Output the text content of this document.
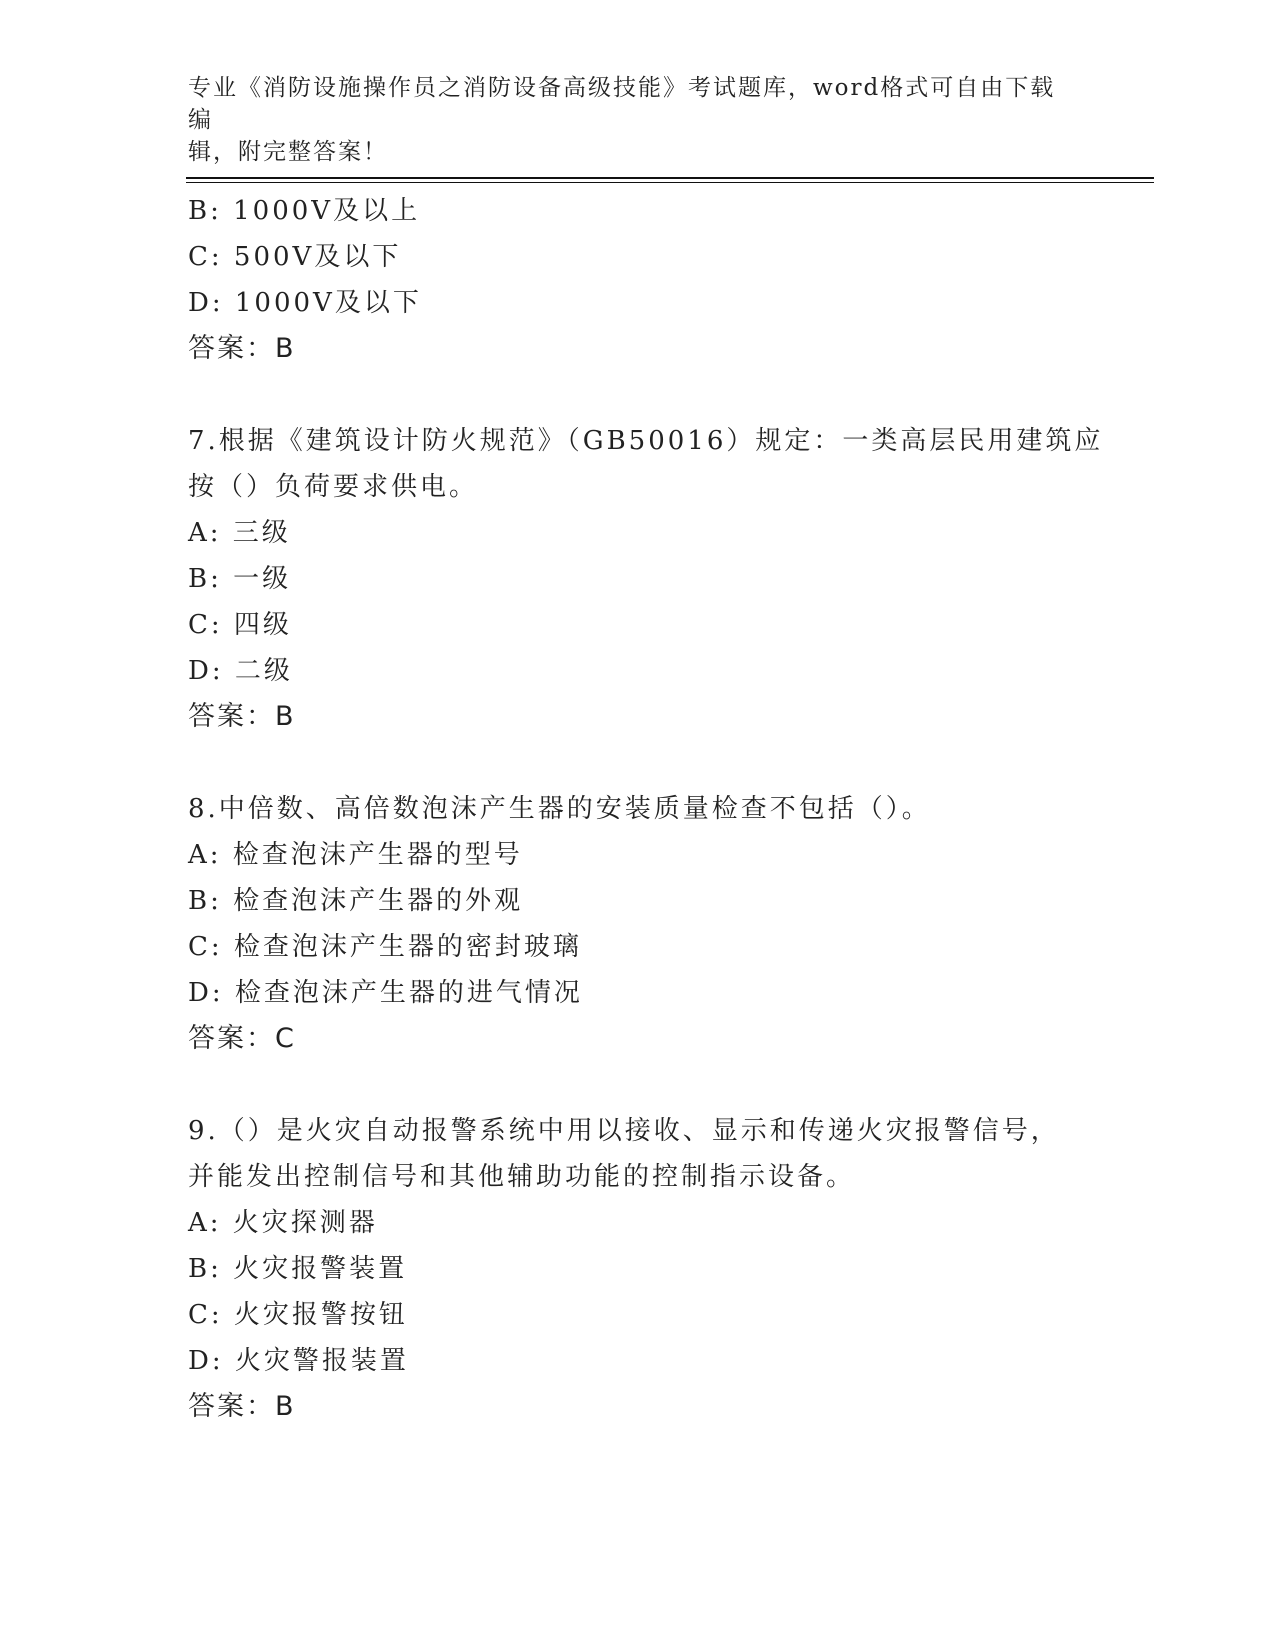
专业《消防设施操作员之消防设备高级技能》考试题库，word格式可自由下载编
辑，附完整答案！
B: 1000V及以上
C: 500V及以下
D: 1000V及以下
答案：B
7.根据《建筑设计防火规范》（GB50016）规定：一类高层民用建筑应
按（）负荷要求供电。
A: 三级
B: 一级
C: 四级
D: 二级
答案：B
8.中倍数、高倍数泡沫产生器的安装质量检查不包括（）。
A: 检查泡沫产生器的型号
B: 检查泡沫产生器的外观
C: 检查泡沫产生器的密封玻璃
D: 检查泡沫产生器的进气情况
答案：C
9.（）是火灾自动报警系统中用以接收、显示和传递火灾报警信号，
并能发出控制信号和其他辅助功能的控制指示设备。
A: 火灾探测器
B: 火灾报警装置
C: 火灾报警按钮
D: 火灾警报装置
答案：B
